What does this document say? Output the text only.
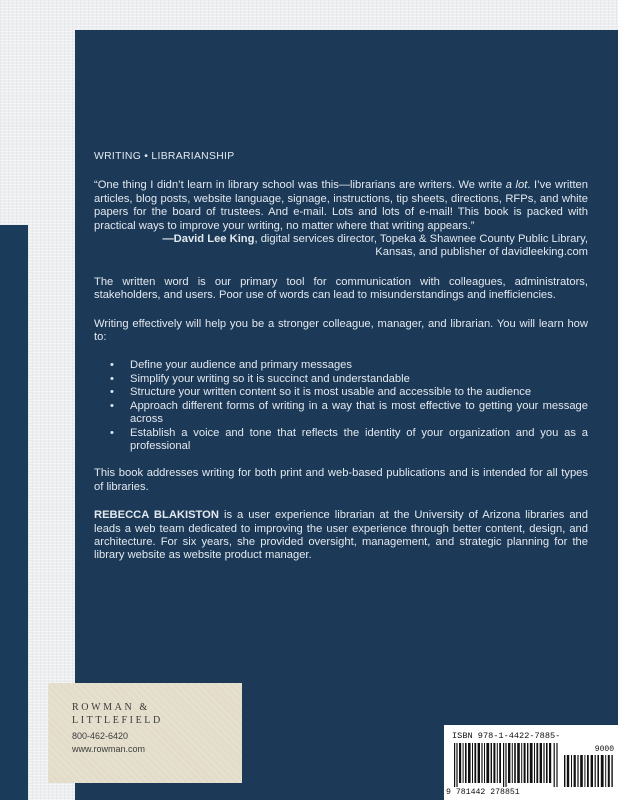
WRITING • LIBRARIANSHIP
“One thing I didn’t learn in library school was this—librarians are writers. We write a lot. I’ve written articles, blog posts, website language, signage, instructions, tip sheets, directions, RFPs, and white papers for the board of trustees. And e-mail. Lots and lots of e-mail! This book is packed with practical ways to improve your writing, no matter where that writing appears.”
—David Lee King, digital services director, Topeka & Shawnee County Public Library,
Kansas, and publisher of davidleeking.com

The written word is our primary tool for communication with colleagues, administrators, stakeholders, and users. Poor use of words can lead to misunderstandings and inefficiencies.

Writing effectively will help you be a stronger colleague, manager, and librarian. You will learn how to:

• Define your audience and primary messages
• Simplify your writing so it is succinct and understandable
• Structure your written content so it is most usable and accessible to the audience
• Approach different forms of writing in a way that is most effective to getting your message across
• Establish a voice and tone that reflects the identity of your organization and you as a professional

This book addresses writing for both print and web-based publications and is intended for all types of libraries.

REBECCA BLAKISTON is a user experience librarian at the University of Arizona libraries and leads a web team dedicated to improving the user experience through better content, design, and architecture. For six years, she provided oversight, management, and strategic planning for the library website as website product manager.

ROWMAN &
LITTLEFIELD
800-462-6420
www.rowman.com
ISBN 978-1-4422-7885-
9000
9 781442 278851
